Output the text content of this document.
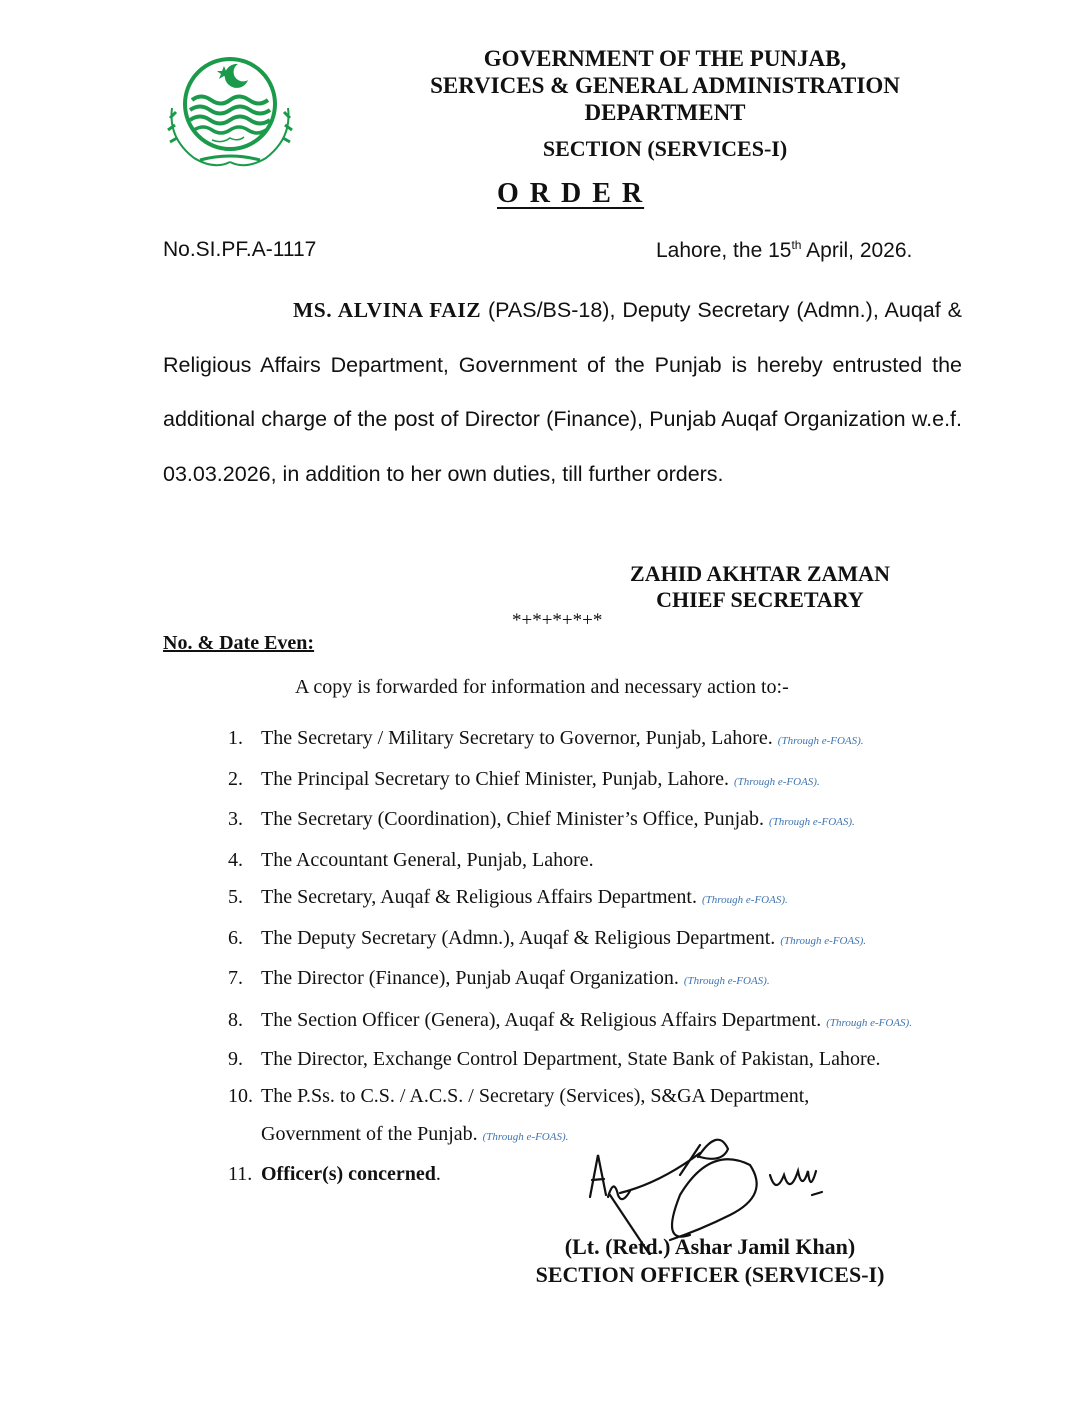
GOVERNMENT OF THE PUNJAB,
SERVICES & GENERAL ADMINISTRATION
DEPARTMENT
SECTION (SERVICES-I)
O R D E R
No.SI.PF.A-1117	Lahore, the 15th April, 2026.
MS. ALVINA FAIZ (PAS/BS-18), Deputy Secretary (Admn.), Auqaf & Religious Affairs Department, Government of the Punjab is hereby entrusted the additional charge of the post of Director (Finance), Punjab Auqaf Organization w.e.f. 03.03.2026, in addition to her own duties, till further orders.
ZAHID AKHTAR ZAMAN
CHIEF SECRETARY
*+*+*+*+*
No. & Date Even:
A copy is forwarded for information and necessary action to:-
1. The Secretary / Military Secretary to Governor, Punjab, Lahore. (Through e-FOAS).
2. The Principal Secretary to Chief Minister, Punjab, Lahore. (Through e-FOAS).
3. The Secretary (Coordination), Chief Minister’s Office, Punjab. (Through e-FOAS).
4. The Accountant General, Punjab, Lahore.
5. The Secretary, Auqaf & Religious Affairs Department. (Through e-FOAS).
6. The Deputy Secretary (Admn.), Auqaf & Religious Department. (Through e-FOAS).
7. The Director (Finance), Punjab Auqaf Organization. (Through e-FOAS).
8. The Section Officer (Genera), Auqaf & Religious Affairs Department. (Through e-FOAS).
9. The Director, Exchange Control Department, State Bank of Pakistan, Lahore.
10. The P.Ss. to C.S. / A.C.S. / Secretary (Services), S&GA Department, Government of the Punjab. (Through e-FOAS).
11. Officer(s) concerned.
(Lt. (Retd.) Ashar Jamil Khan)
SECTION OFFICER (SERVICES-I)
